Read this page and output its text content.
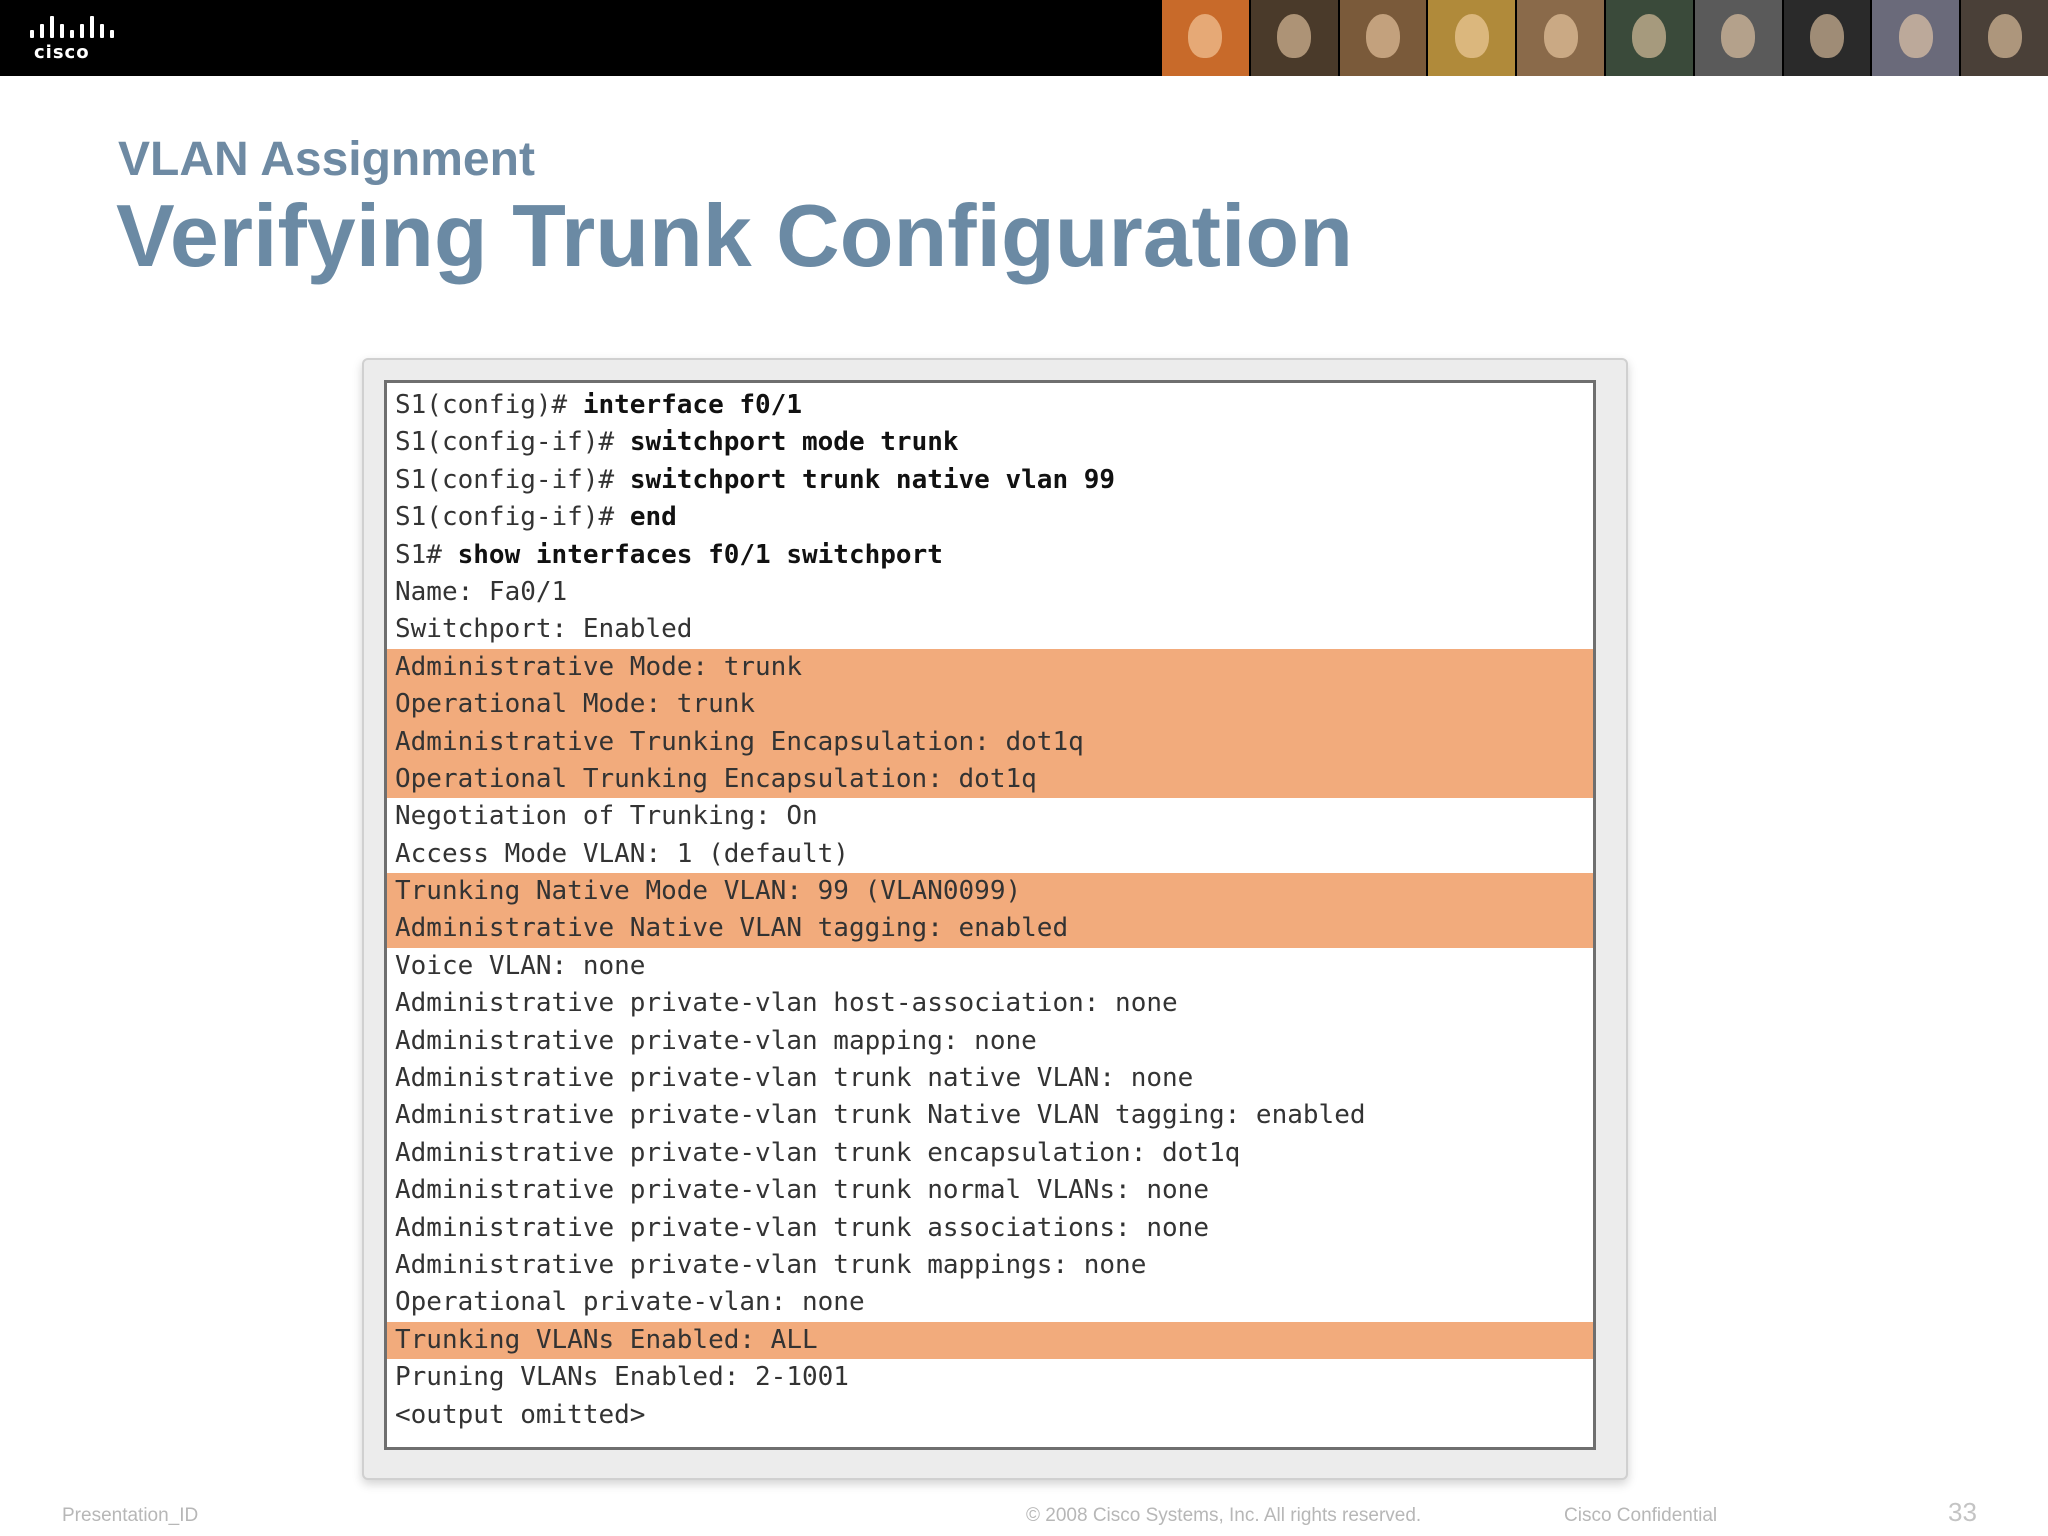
cisco
VLAN Assignment
Verifying Trunk Configuration
S1(config)# interface f0/1
S1(config-if)# switchport mode trunk
S1(config-if)# switchport trunk native vlan 99
S1(config-if)# end
S1# show interfaces f0/1 switchport
Name: Fa0/1
Switchport: Enabled
Administrative Mode: trunk
Operational Mode: trunk
Administrative Trunking Encapsulation: dot1q
Operational Trunking Encapsulation: dot1q
Negotiation of Trunking: On
Access Mode VLAN: 1 (default)
Trunking Native Mode VLAN: 99 (VLAN0099)
Administrative Native VLAN tagging: enabled
Voice VLAN: none
Administrative private-vlan host-association: none
Administrative private-vlan mapping: none
Administrative private-vlan trunk native VLAN: none
Administrative private-vlan trunk Native VLAN tagging: enabled
Administrative private-vlan trunk encapsulation: dot1q
Administrative private-vlan trunk normal VLANs: none
Administrative private-vlan trunk associations: none
Administrative private-vlan trunk mappings: none
Operational private-vlan: none
Trunking VLANs Enabled: ALL
Pruning VLANs Enabled: 2-1001
<output omitted>
Presentation_ID	© 2008 Cisco Systems, Inc. All rights reserved.	Cisco Confidential	33
